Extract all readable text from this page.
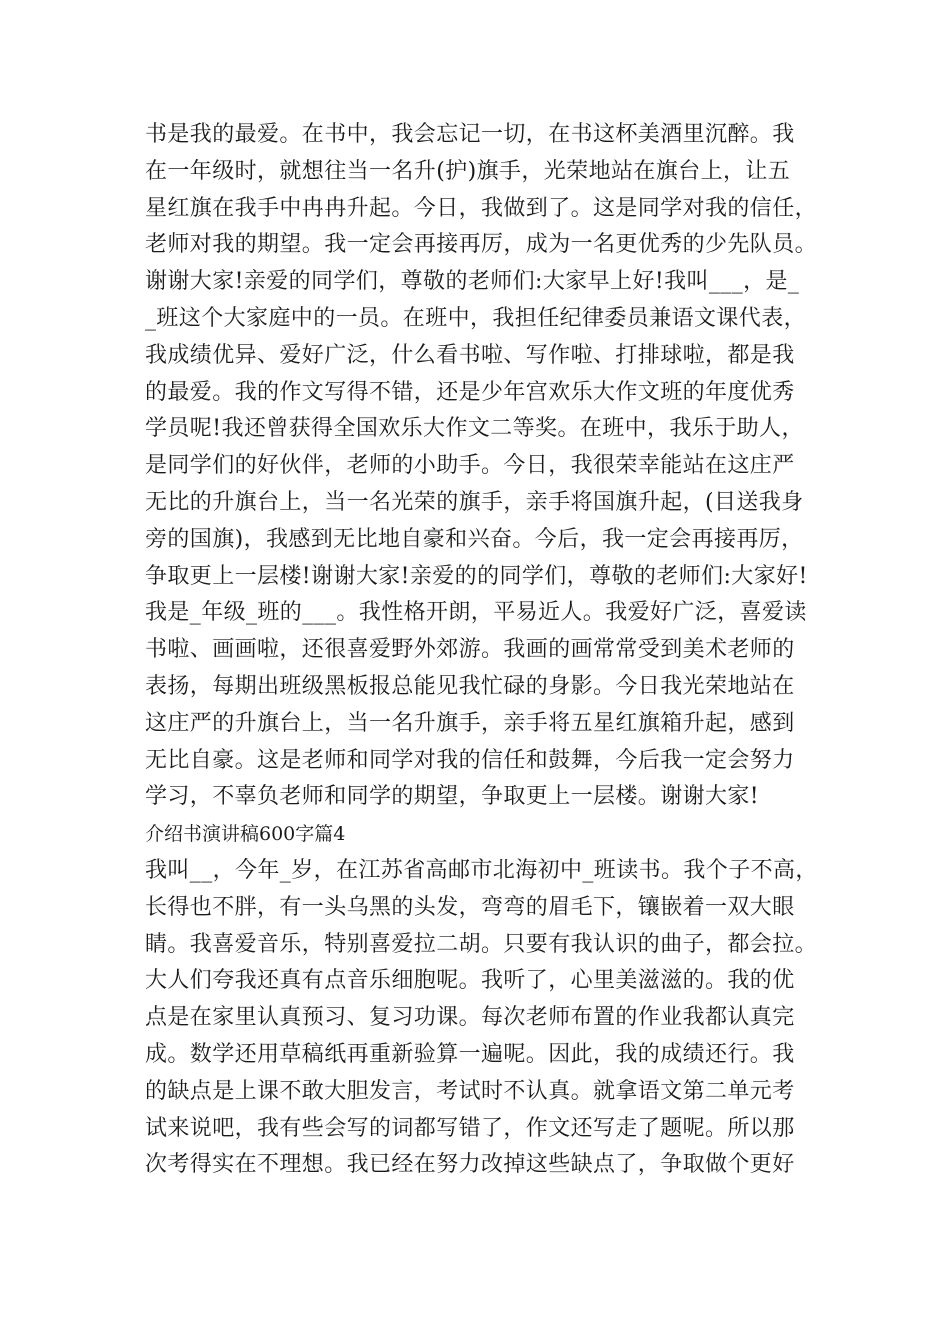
书是我的最爱。在书中，我会忘记一切，在书这杯美酒里沉醉。我
在一年级时，就想往当一名升(护)旗手，光荣地站在旗台上，让五
星红旗在我手中冉冉升起。今日，我做到了。这是同学对我的信任，
老师对我的期望。我一定会再接再厉，成为一名更优秀的少先队员。
谢谢大家!亲爱的同学们，尊敬的老师们:大家早上好!我叫___，是_
_班这个大家庭中的一员。在班中，我担任纪律委员兼语文课代表，
我成绩优异、爱好广泛，什么看书啦、写作啦、打排球啦，都是我
的最爱。我的作文写得不错，还是少年宫欢乐大作文班的年度优秀
学员呢!我还曾获得全国欢乐大作文二等奖。在班中，我乐于助人，
是同学们的好伙伴，老师的小助手。今日，我很荣幸能站在这庄严
无比的升旗台上，当一名光荣的旗手，亲手将国旗升起，(目送我身
旁的国旗)，我感到无比地自豪和兴奋。今后，我一定会再接再厉，
争取更上一层楼!谢谢大家!亲爱的的同学们，尊敬的老师们:大家好!
我是_年级_班的___。我性格开朗，平易近人。我爱好广泛，喜爱读
书啦、画画啦，还很喜爱野外郊游。我画的画常常受到美术老师的
表扬，每期出班级黑板报总能见我忙碌的身影。今日我光荣地站在
这庄严的升旗台上，当一名升旗手，亲手将五星红旗箱升起，感到
无比自豪。这是老师和同学对我的信任和鼓舞，今后我一定会努力
学习，不辜负老师和同学的期望，争取更上一层楼。谢谢大家!
介绍书演讲稿600字篇4
我叫__，今年_岁，在江苏省高邮市北海初中_班读书。我个子不高，
长得也不胖，有一头乌黑的头发，弯弯的眉毛下，镶嵌着一双大眼
睛。我喜爱音乐，特别喜爱拉二胡。只要有我认识的曲子，都会拉。
大人们夸我还真有点音乐细胞呢。我听了，心里美滋滋的。我的优
点是在家里认真预习、复习功课。每次老师布置的作业我都认真完
成。数学还用草稿纸再重新验算一遍呢。因此，我的成绩还行。我
的缺点是上课不敢大胆发言，考试时不认真。就拿语文第二单元考
试来说吧，我有些会写的词都写错了，作文还写走了题呢。所以那
次考得实在不理想。我已经在努力改掉这些缺点了，争取做个更好
